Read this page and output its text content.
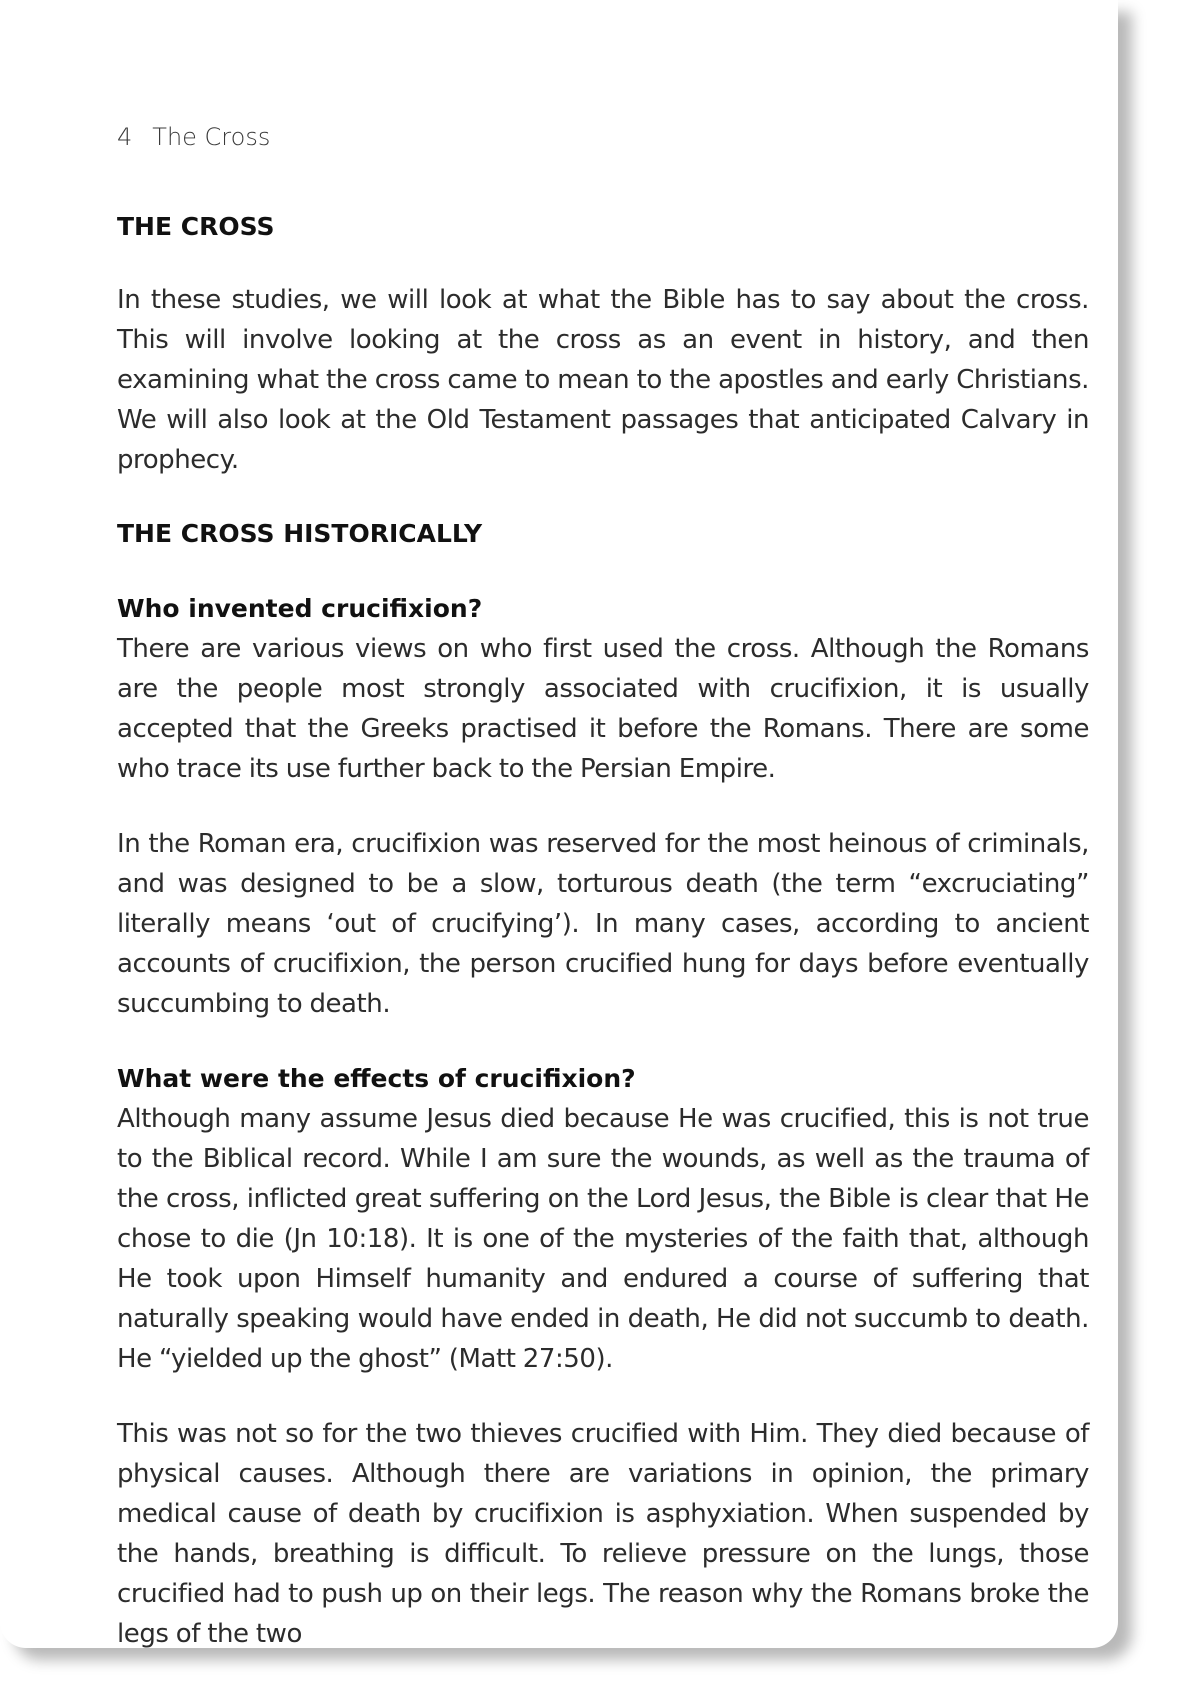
4 The Cross
THE CROSS

In these studies, we will look at what the Bible has to say about the cross. This will involve looking at the cross as an event in history, and then examining what the cross came to mean to the apostles and early Christians. We will also look at the Old Testament passages that anticipated Calvary in prophecy.

THE CROSS HISTORICALLY
Who invented crucifixion?

There are various views on who first used the cross. Although the Romans are the people most strongly associated with crucifixion, it is usually accepted that the Greeks practised it before the Romans. There are some who trace its use further back to the Persian Empire.

In the Roman era, crucifixion was reserved for the most heinous of criminals, and was designed to be a slow, torturous death (the term “excruciating” literally means ‘out of crucifying’). In many cases, according to ancient accounts of crucifixion, the person crucified hung for days before eventually succumbing to death.

What were the effects of crucifixion?

Although many assume Jesus died because He was crucified, this is not true to the Biblical record. While I am sure the wounds, as well as the trauma of the cross, inflicted great suffering on the Lord Jesus, the Bible is clear that He chose to die (Jn 10:18). It is one of the mysteries of the faith that, although He took upon Himself humanity and endured a course of suffering that naturally speaking would have ended in death, He did not succumb to death. He “yielded up the ghost” (Matt 27:50).

This was not so for the two thieves crucified with Him. They died because of physical causes. Although there are variations in opinion, the primary medical cause of death by crucifixion is asphyxiation. When suspended by the hands, breathing is difficult. To relieve pressure on the lungs, those crucified had to push up on their legs. The reason why the Romans broke the legs of the two
